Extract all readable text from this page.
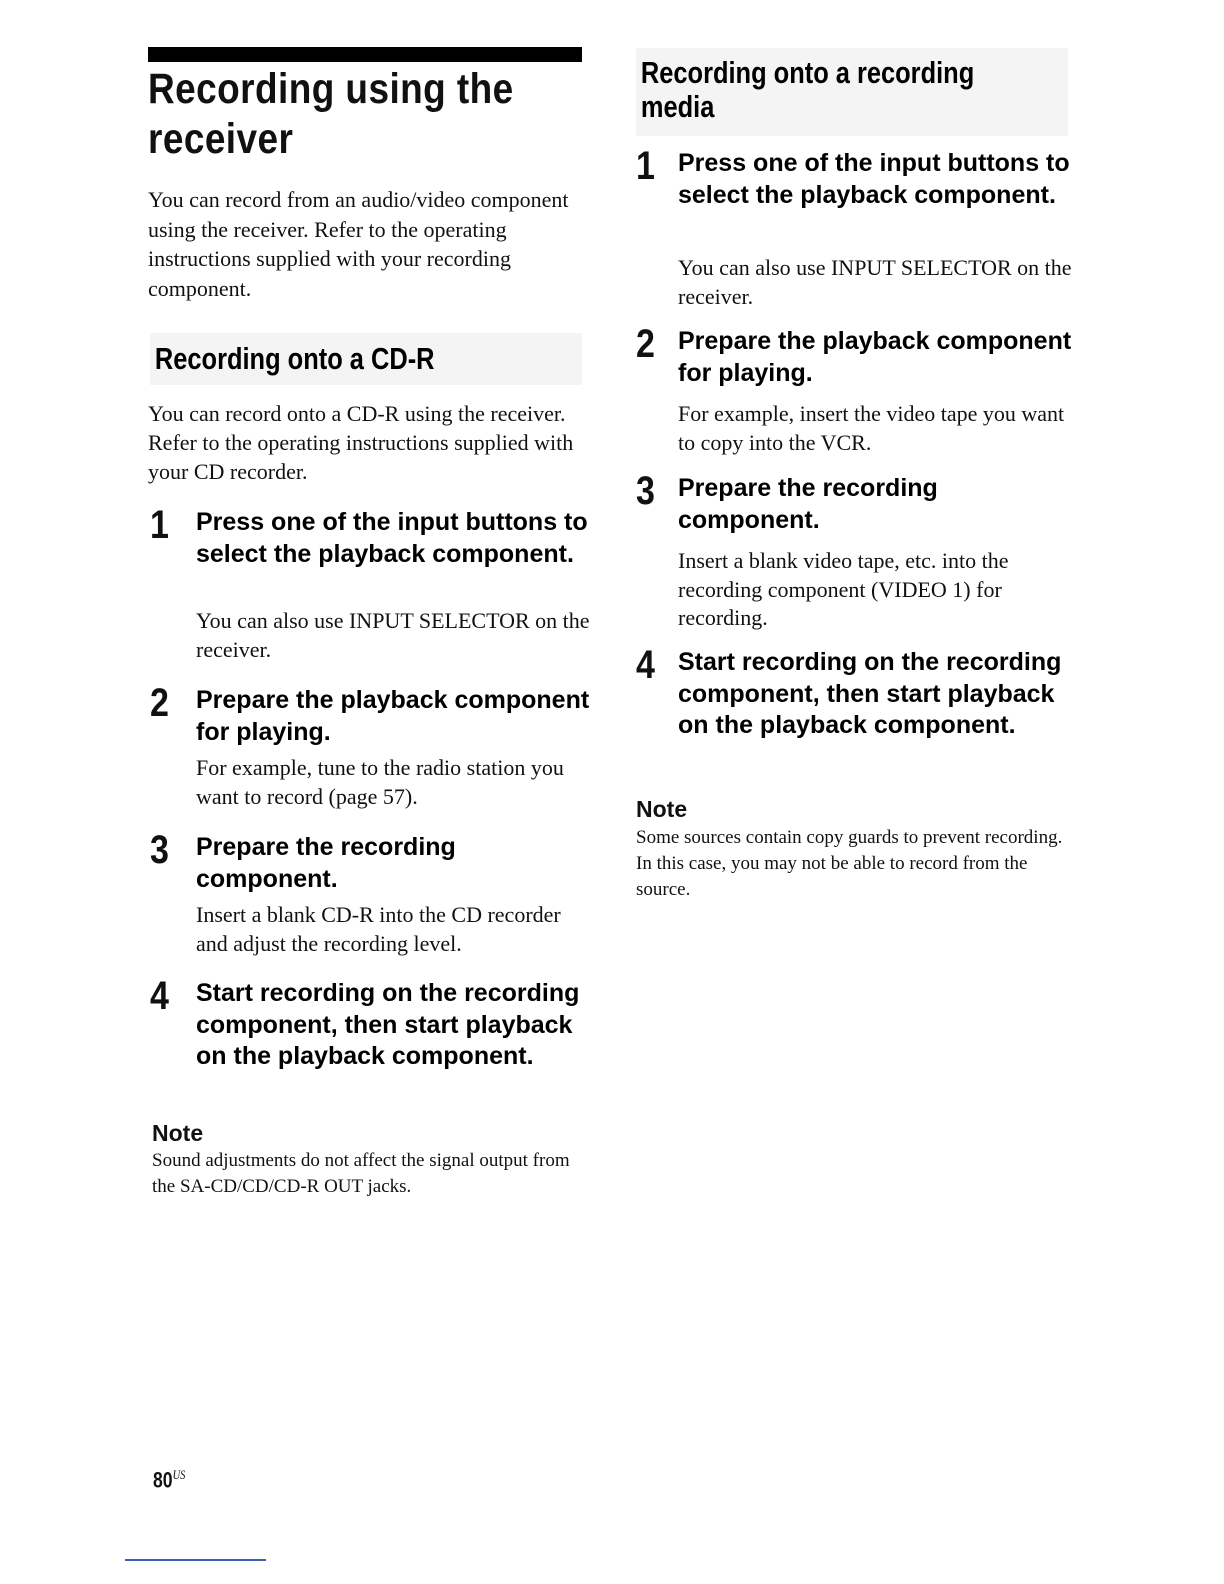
Recording using the
receiver

You can record from an audio/video component using the receiver. Refer to the operating instructions supplied with your recording component.

Recording onto a CD-R

You can record onto a CD-R using the receiver. Refer to the operating instructions supplied with your CD recorder.

1 Press one of the input buttons to select the playback component.
You can also use INPUT SELECTOR on the receiver.
2 Prepare the playback component for playing.
For example, tune to the radio station you want to record (page 57).
3 Prepare the recording component.
Insert a blank CD-R into the CD recorder and adjust the recording level.
4 Start recording on the recording component, then start playback on the playback component.
Note
Sound adjustments do not affect the signal output from the SA-CD/CD/CD-R OUT jacks.
Recording onto a recording media
1 Press one of the input buttons to select the playback component.
You can also use INPUT SELECTOR on the receiver.
2 Prepare the playback component for playing.
For example, insert the video tape you want to copy into the VCR.
3 Prepare the recording component.
Insert a blank video tape, etc. into the recording component (VIDEO 1) for recording.
4 Start recording on the recording component, then start playback on the playback component.
Note
Some sources contain copy guards to prevent recording. In this case, you may not be able to record from the source.
$80^{US}$
